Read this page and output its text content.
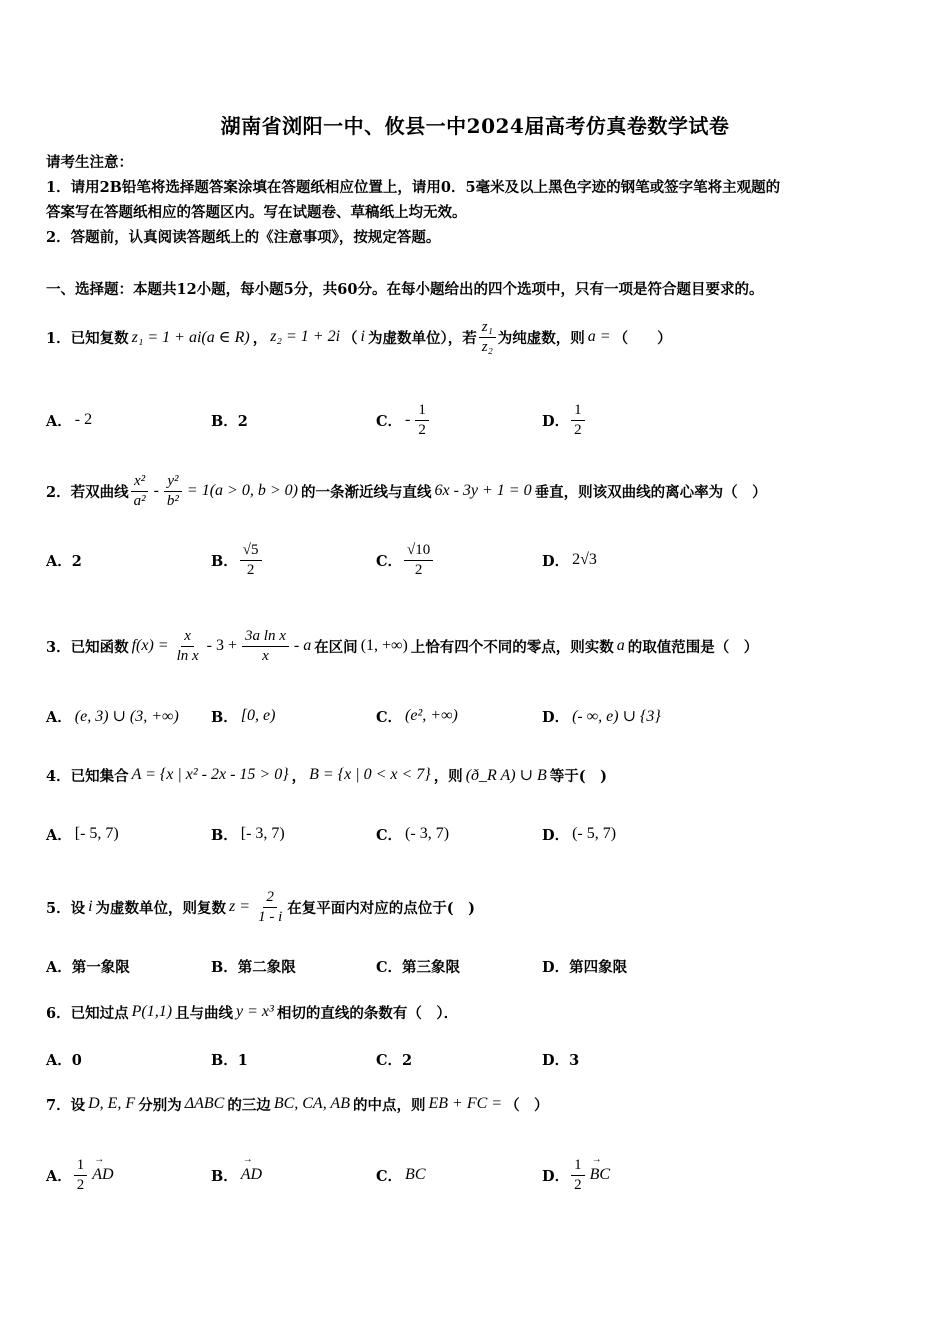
湖南省浏阳一中、攸县一中2024届高考仿真卷数学试卷
请考生注意：
1．请用2B铅笔将选择题答案涂填在答题纸相应位置上，请用0．5毫米及以上黑色字迹的钢笔或签字笔将主观题的
答案写在答题纸相应的答题区内。写在试题卷、草稿纸上均无效。
2．答题前，认真阅读答题纸上的《注意事项》，按规定答题。
一、选择题：本题共12小题，每小题5分，共60分。在每小题给出的四个选项中，只有一项是符合题目要求的。
1．已知复数 z₁ = 1 + ai(a ∈ R) ， z₂ = 1 + 2i （ i 为虚数单位），若 $\frac{\text{z₁}}{\text{z₂}}$ 为纯虚数，则 a = （　　）
A． - 2	B．2	C． - $\frac{1}{2}$	D． $\frac{1}{2}$
2．若双曲线 $\frac{\text{x²}}{\text{a²}} - \frac{\text{y²}}{\text{b²}} = 1(a > 0$, b > 0) 的一条渐近线与直线 6x - 3y + 1 = 0 垂直，则该双曲线的离心率为（　）
A．2	B． $\frac{√5}{2}$	C． $\frac{√10}{2}$	D． 2√3
3．已知函数 $f(x) = \frac{x}{\text{ln x}} - 3 + \frac{\text{3a ln x}}{x} - a$ 在区间 (1, +∞) 上恰有四个不同的零点，则实数 a 的取值范围是（　）
A． (e, 3) ∪ (3, +∞) B． [0, e)	C． (e², +∞)	D． (- ∞, e) ∪ {3}
4．已知集合 A = {x | x² - 2x - 15 > 0} ， B = {x | 0 < x < 7} ，则 (ð_R A) ∪ B 等于(　)
A． [- 5, 7)	B． [- 3, 7)	C． (- 3, 7)	D． (- 5, 7)
5．设 i 为虚数单位，则复数 $z = \frac{2}{1 - i}$ 在复平面内对应的点位于(　)
A．第一象限	B．第二象限	C．第三象限	D．第四象限
6．已知过点 P(1,1) 且与曲线 y = x³ 相切的直线的条数有（　）．
A．0	B．1	C．2	D．3
7．设 D, E, F 分别为 ΔABC 的三边 BC, CA, AB 的中点，则 EB + FC = （　）
A． $\frac{1}{2}$ → AD	B． → AD	C． BC	D． $\frac{1}{2}$ → BC
